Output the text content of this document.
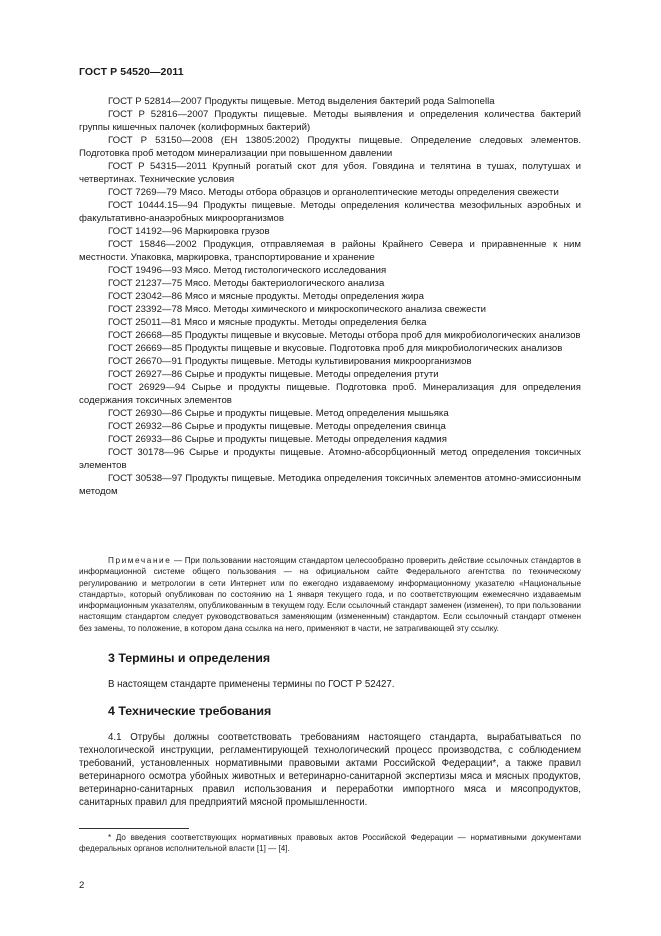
ГОСТ Р 54520—2011

ГОСТ Р 52814—2007 Продукты пищевые. Метод выделения бактерий рода Salmonella

ГОСТ Р 52816—2007 Продукты пищевые. Методы выявления и определения количества бактерий группы кишечных палочек (колиформных бактерий)

ГОСТ Р 53150—2008 (ЕН 13805:2002) Продукты пищевые. Определение следовых элементов. Подготовка проб методом минерализации при повышенном давлении

ГОСТ Р 54315—2011 Крупный рогатый скот для убоя. Говядина и телятина в тушах, полутушах и четвертинах. Технические условия

ГОСТ 7269—79 Мясо. Методы отбора образцов и органолептические методы определения свежести

ГОСТ 10444.15—94 Продукты пищевые. Методы определения количества мезофильных аэробных и факультативно-анаэробных микроорганизмов

ГОСТ 14192—96 Маркировка грузов

ГОСТ 15846—2002 Продукция, отправляемая в районы Крайнего Севера и приравненные к ним местности. Упаковка, маркировка, транспортирование и хранение

ГОСТ 19496—93 Мясо. Метод гистологического исследования

ГОСТ 21237—75 Мясо. Методы бактериологического анализа

ГОСТ 23042—86 Мясо и мясные продукты. Методы определения жира

ГОСТ 23392—78 Мясо. Методы химического и микроскопического анализа свежести

ГОСТ 25011—81 Мясо и мясные продукты. Методы определения белка

ГОСТ 26668—85 Продукты пищевые и вкусовые. Методы отбора проб для микробиологических анализов

ГОСТ 26669—85 Продукты пищевые и вкусовые. Подготовка проб для микробиологических анализов

ГОСТ 26670—91 Продукты пищевые. Методы культивирования микроорганизмов

ГОСТ 26927—86 Сырье и продукты пищевые. Методы определения ртути

ГОСТ 26929—94 Сырье и продукты пищевые. Подготовка проб. Минерализация для определения содержания токсичных элементов

ГОСТ 26930—86 Сырье и продукты пищевые. Метод определения мышьяка

ГОСТ 26932—86 Сырье и продукты пищевые. Методы определения свинца

ГОСТ 26933—86 Сырье и продукты пищевые. Методы определения кадмия

ГОСТ 30178—96 Сырье и продукты пищевые. Атомно-абсорбционный метод определения токсичных элементов

ГОСТ 30538—97 Продукты пищевые. Методика определения токсичных элементов атомно-эмиссионным методом

Примечание — При пользовании настоящим стандартом целесообразно проверить действие ссылочных стандартов в информационной системе общего пользования — на официальном сайте Федерального агентства по техническому регулированию и метрологии в сети Интернет или по ежегодно издаваемому информационному указателю «Национальные стандарты», который опубликован по состоянию на 1 января текущего года, и по соответствующим ежемесячно издаваемым информационным указателям, опубликованным в текущем году. Если ссылочный стандарт заменен (изменен), то при пользовании настоящим стандартом следует руководствоваться заменяющим (измененным) стандартом. Если ссылочный стандарт отменен без замены, то положение, в котором дана ссылка на него, применяют в части, не затрагивающей эту ссылку.

3 Термины и определения

В настоящем стандарте применены термины по ГОСТ Р 52427.

4 Технические требования

4.1 Отрубы должны соответствовать требованиям настоящего стандарта, вырабатываться по технологической инструкции, регламентирующей технологический процесс производства, с соблюдением требований, установленных нормативными правовыми актами Российской Федерации*, а также правил ветеринарного осмотра убойных животных и ветеринарно-санитарной экспертизы мяса и мясных продуктов, ветеринарно-санитарных правил использования и переработки импортного мяса и мясопродуктов, санитарных правил для предприятий мясной промышленности.

* До введения соответствующих нормативных правовых актов Российской Федерации — нормативными документами федеральных органов исполнительной власти [1] — [4].

2
